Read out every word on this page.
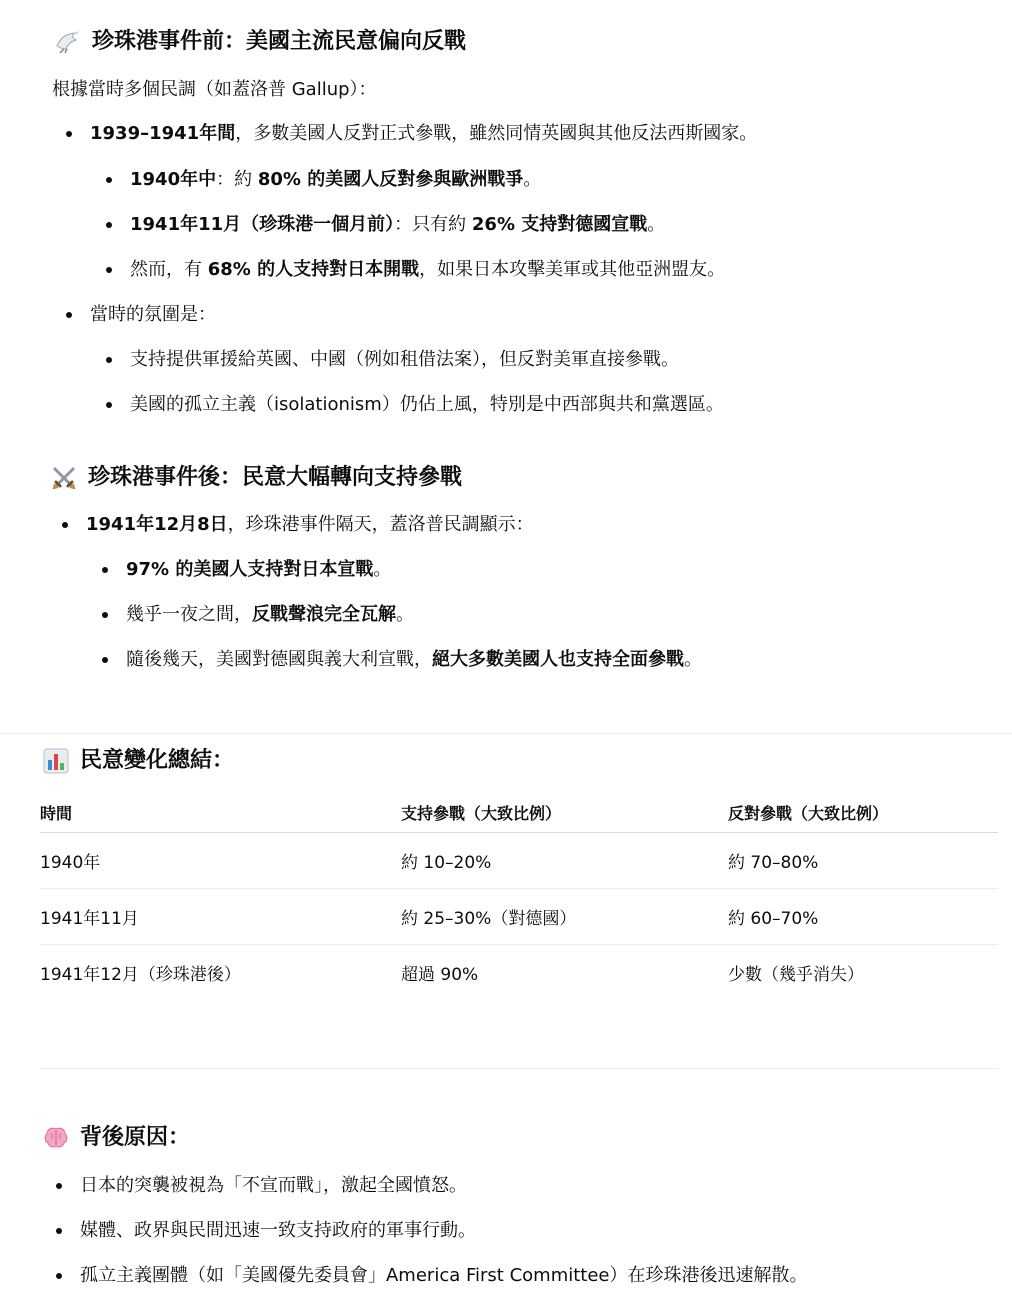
珍珠港事件前：美國主流民意偏向反戰

根據當時多個民調（如蓋洛普 Gallup）：

1939–1941年間，多數美國人反對正式參戰，雖然同情英國與其他反法西斯國家。
1940年中：約 80% 的美國人反對參與歐洲戰爭。
1941年11月（珍珠港一個月前）：只有約 26% 支持對德國宣戰。
然而，有 68% 的人支持對日本開戰，如果日本攻擊美軍或其他亞洲盟友。
當時的氛圍是：
支持提供軍援給英國、中國（例如租借法案），但反對美軍直接參戰。
美國的孤立主義（isolationism）仍佔上風，特別是中西部與共和黨選區。
珍珠港事件後：民意大幅轉向支持參戰
1941年12月8日，珍珠港事件隔天，蓋洛普民調顯示：
97% 的美國人支持對日本宣戰。
幾乎一夜之間，反戰聲浪完全瓦解。
隨後幾天，美國對德國與義大利宣戰，絕大多數美國人也支持全面參戰。
民意變化總結：
時間	支持參戰（大致比例）	反對參戰（大致比例）
1940年	約 10–20%	約 70–80%
1941年11月	約 25–30%（對德國）	約 60–70%
1941年12月（珍珠港後）	超過 90%	少數（幾乎消失）
背後原因：
日本的突襲被視為「不宣而戰」，激起全國憤怒。
媒體、政界與民間迅速一致支持政府的軍事行動。
孤立主義團體（如「美國優先委員會」America First Committee）在珍珠港後迅速解散。
